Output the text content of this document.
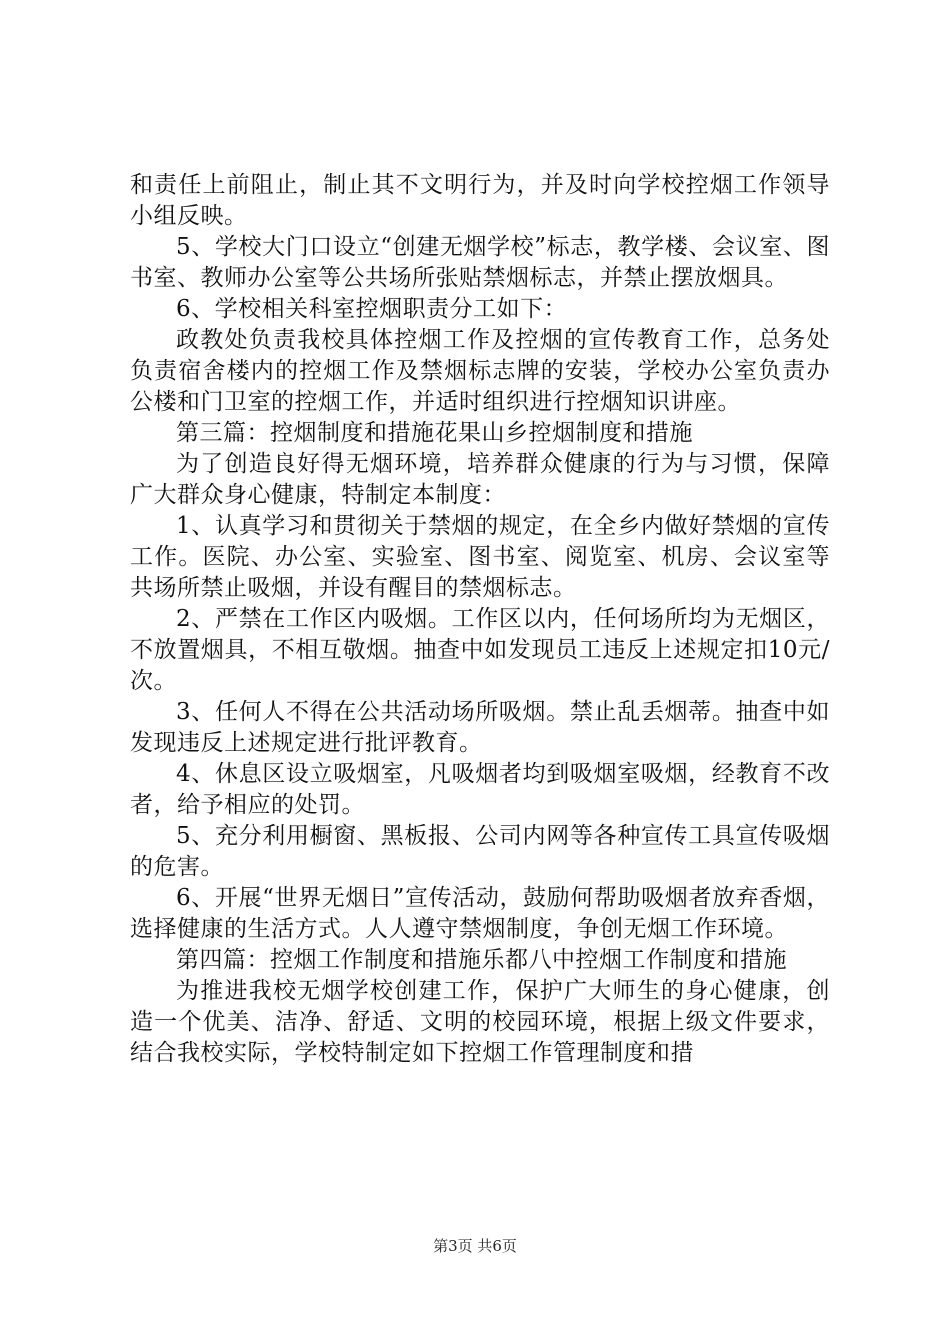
和责任上前阻止，制止其不文明行为，并及时向学校控烟工作领导小组反映。

5、学校大门口设立“创建无烟学校”标志，教学楼、会议室、图书室、教师办公室等公共场所张贴禁烟标志，并禁止摆放烟具。

6、学校相关科室控烟职责分工如下：

政教处负责我校具体控烟工作及控烟的宣传教育工作，总务处负责宿舍楼内的控烟工作及禁烟标志牌的安装，学校办公室负责办公楼和门卫室的控烟工作，并适时组织进行控烟知识讲座。

第三篇：控烟制度和措施花果山乡控烟制度和措施

为了创造良好得无烟环境，培养群众健康的行为与习惯，保障广大群众身心健康，特制定本制度：

1、认真学习和贯彻关于禁烟的规定，在全乡内做好禁烟的宣传工作。医院、办公室、实验室、图书室、阅览室、机房、会议室等共场所禁止吸烟，并设有醒目的禁烟标志。

2、严禁在工作区内吸烟。工作区以内，任何场所均为无烟区，不放置烟具，不相互敬烟。抽查中如发现员工违反上述规定扣10元/次。

3、任何人不得在公共活动场所吸烟。禁止乱丢烟蒂。抽查中如发现违反上述规定进行批评教育。

4、休息区设立吸烟室，凡吸烟者均到吸烟室吸烟，经教育不改者，给予相应的处罚。

5、充分利用橱窗、黑板报、公司内网等各种宣传工具宣传吸烟的危害。

6、开展“世界无烟日”宣传活动，鼓励何帮助吸烟者放弃香烟，选择健康的生活方式。人人遵守禁烟制度，争创无烟工作环境。

第四篇：控烟工作制度和措施乐都八中控烟工作制度和措施

为推进我校无烟学校创建工作，保护广大师生的身心健康，创造一个优美、洁净、舒适、文明的校园环境，根据上级文件要求，结合我校实际，学校特制定如下控烟工作管理制度和措

第3页 共6页
